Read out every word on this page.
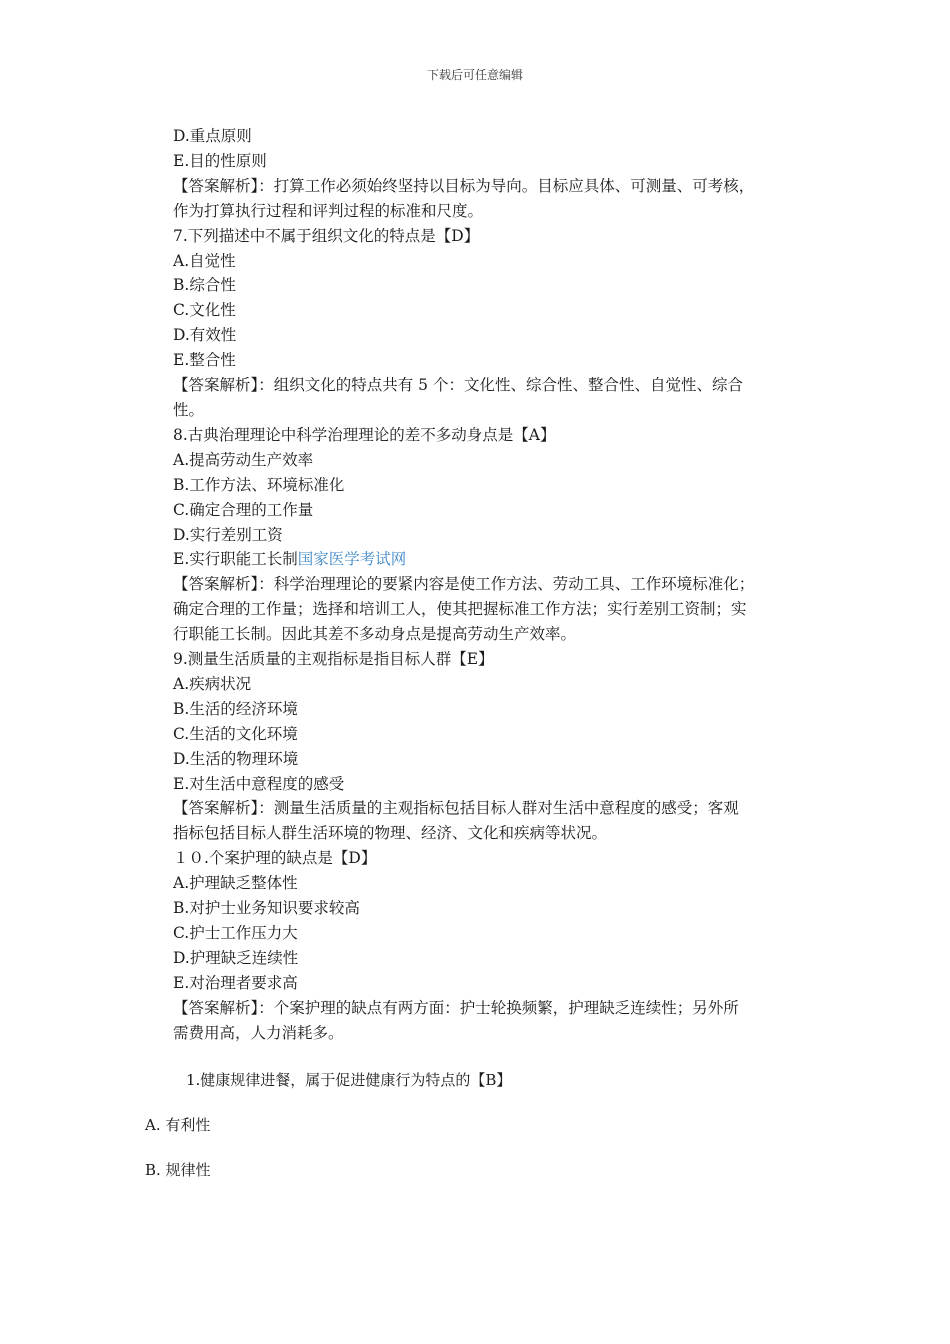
下载后可任意编辑

D.重点原则

E.目的性原则

【答案解析】：打算工作必须始终坚持以目标为导向。目标应具体、可测量、可考核，

作为打算执行过程和评判过程的标准和尺度。

7.下列描述中不属于组织文化的特点是【D】

A.自觉性

B.综合性

C.文化性

D.有效性

E.整合性

【答案解析】：组织文化的特点共有 5 个：文化性、综合性、整合性、自觉性、综合

性。

8.古典治理理论中科学治理理论的差不多动身点是【A】

A.提高劳动生产效率

B.工作方法、环境标准化

C.确定合理的工作量

D.实行差别工资

E.实行职能工长制国家医学考试网

【答案解析】：科学治理理论的要紧内容是使工作方法、劳动工具、工作环境标准化；

确定合理的工作量；选择和培训工人，使其把握标准工作方法；实行差别工资制；实

行职能工长制。因此其差不多动身点是提高劳动生产效率。

9.测量生活质量的主观指标是指目标人群【E】

A.疾病状况

B.生活的经济环境

C.生活的文化环境

D.生活的物理环境

E.对生活中意程度的感受

【答案解析】：测量生活质量的主观指标包括目标人群对生活中意程度的感受；客观

指标包括目标人群生活环境的物理、经济、文化和疾病等状况。

１０.个案护理的缺点是【D】

A.护理缺乏整体性

B.对护士业务知识要求较高

C.护士工作压力大

D.护理缺乏连续性

E.对治理者要求高

【答案解析】：个案护理的缺点有两方面：护士轮换频繁，护理缺乏连续性；另外所

需费用高，人力消耗多。

1.健康规律进餐，属于促进健康行为特点的【B】
A. 有利性
B. 规律性
